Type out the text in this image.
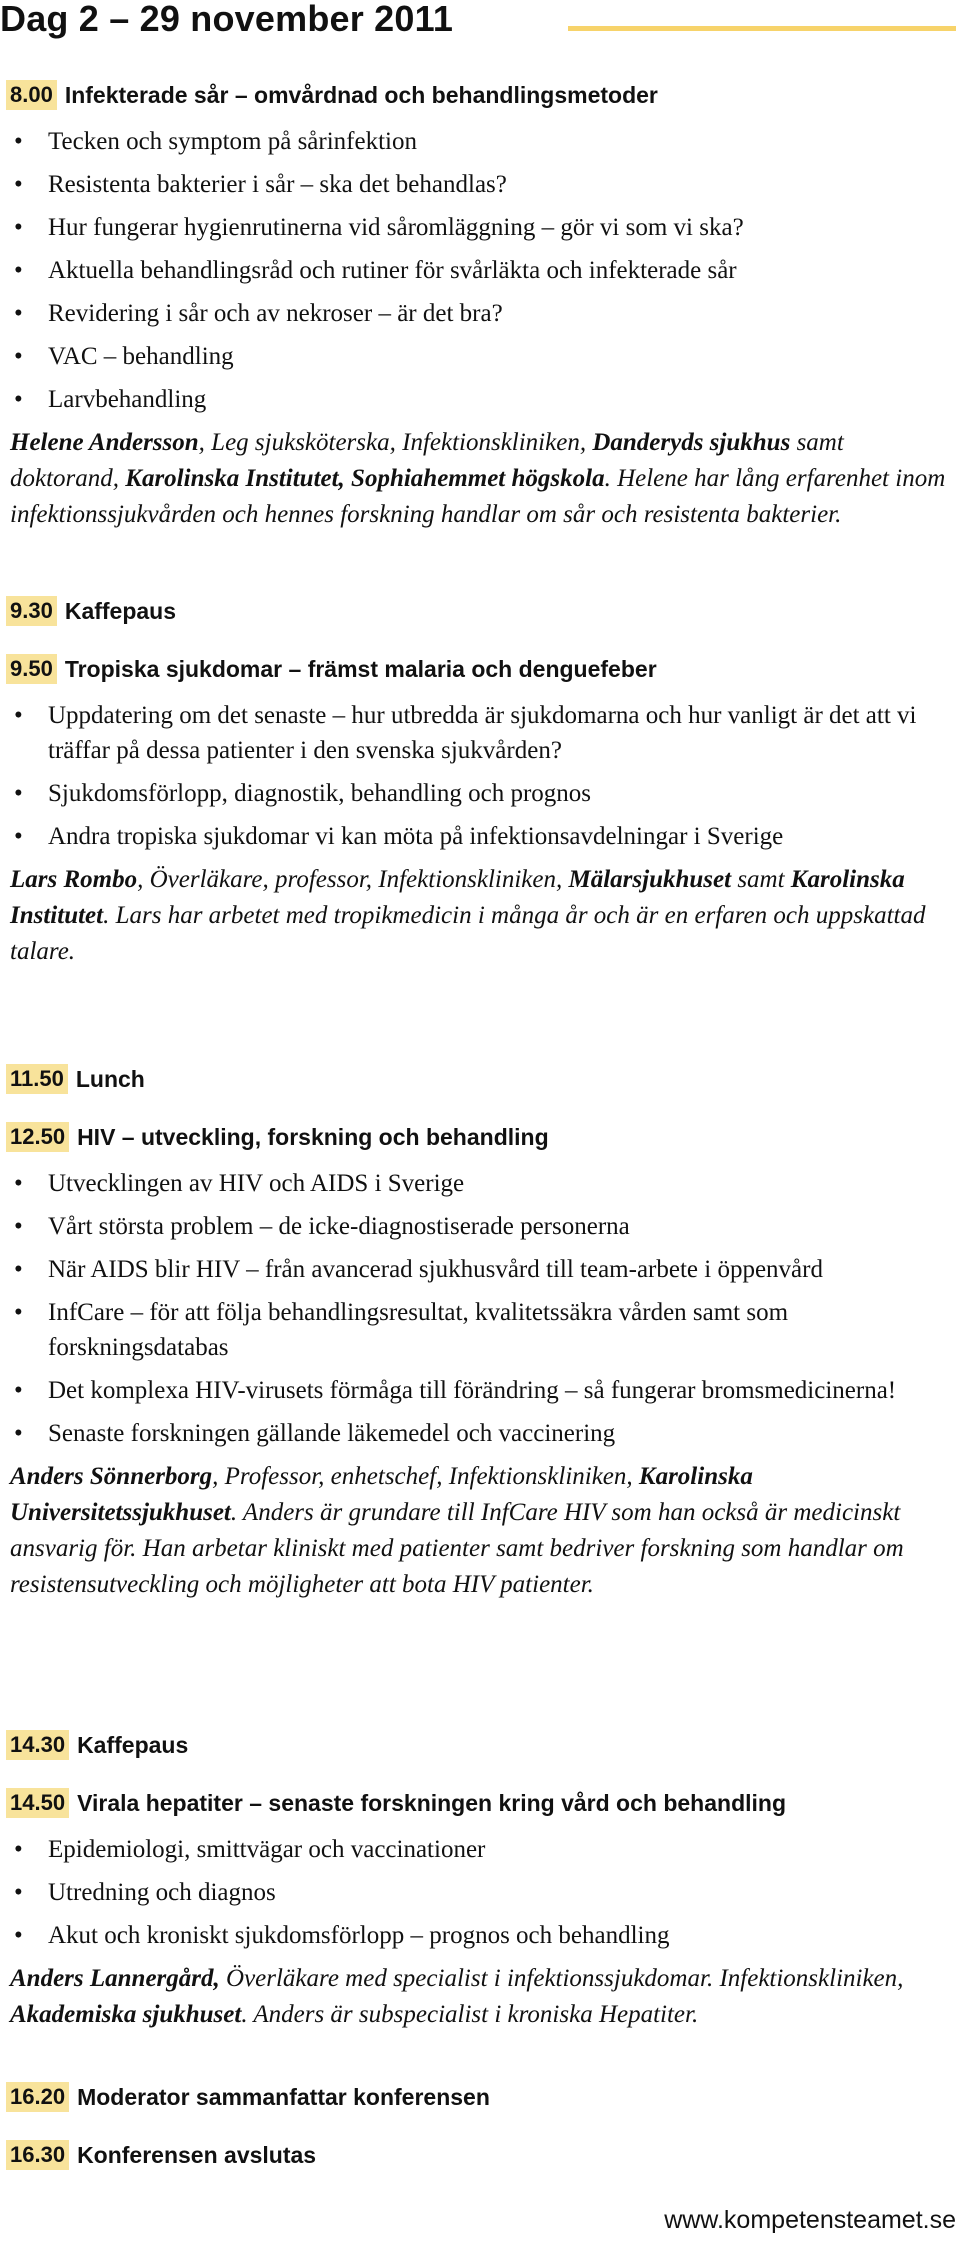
Dag 2 – 29 november 2011
8.00 Infekterade sår – omvårdnad och behandlingsmetoder
• Tecken och symptom på sårinfektion
• Resistenta bakterier i sår – ska det behandlas?
• Hur fungerar hygienrutinerna vid såromläggning – gör vi som vi ska?
• Aktuella behandlingsråd och rutiner för svårläkta och infekterade sår
• Revidering i sår och av nekroser – är det bra?
• VAC – behandling
• Larvbehandling
Helene Andersson, Leg sjuksköterska, Infektionskliniken, Danderyds sjukhus samt doktorand, Karolinska Institutet, Sophiahemmet högskola. Helene har lång erfarenhet inom infektionssjukvården och hennes forskning handlar om sår och resistenta bakterier.
9.30 Kaffepaus
9.50 Tropiska sjukdomar – främst malaria och denguefeber
• Uppdatering om det senaste – hur utbredda är sjukdomarna och hur vanligt är det att vi träffar på dessa patienter i den svenska sjukvården?
• Sjukdomsförlopp, diagnostik, behandling och prognos
• Andra tropiska sjukdomar vi kan möta på infektionsavdelningar i Sverige
Lars Rombo, Överläkare, professor, Infektionskliniken, Mälarsjukhuset samt Karolinska Institutet. Lars har arbetet med tropikmedicin i många år och är en erfaren och uppskattad talare.
11.50 Lunch
12.50 HIV – utveckling, forskning och behandling
• Utvecklingen av HIV och AIDS i Sverige
• Vårt största problem – de icke-diagnostiserade personerna
• När AIDS blir HIV – från avancerad sjukhusvård till team-arbete i öppenvård
• InfCare – för att följa behandlingsresultat, kvalitetssäkra vården samt som forskningsdatabas
• Det komplexa HIV-virusets förmåga till förändring – så fungerar bromsmedicinerna!
• Senaste forskningen gällande läkemedel och vaccinering
Anders Sönnerborg, Professor, enhetschef, Infektionskliniken, Karolinska Universitetssjukhuset. Anders är grundare till InfCare HIV som han också är medicinskt ansvarig för. Han arbetar kliniskt med patienter samt bedriver forskning som handlar om resistensutveckling och möjligheter att bota HIV patienter.
14.30 Kaffepaus
14.50 Virala hepatiter – senaste forskningen kring vård och behandling
• Epidemiologi, smittvägar och vaccinationer
• Utredning och diagnos
• Akut och kroniskt sjukdomsförlopp – prognos och behandling
Anders Lannergård, Överläkare med specialist i infektionssjukdomar. Infektionskliniken, Akademiska sjukhuset. Anders är subspecialist i kroniska Hepatiter.
16.20 Moderator sammanfattar konferensen
16.30 Konferensen avslutas
www.kompetensteamet.se
